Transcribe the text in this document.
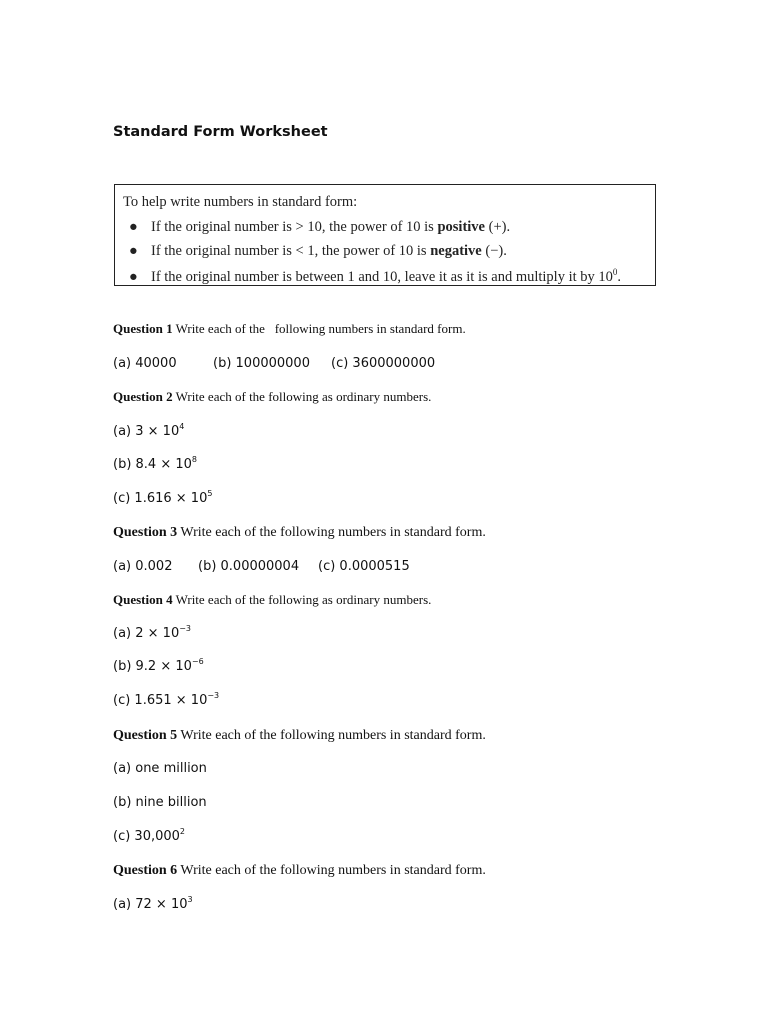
Standard Form Worksheet
To help write numbers in standard form:
● If the original number is > 10, the power of 10 is positive (+).
● If the original number is < 1, the power of 10 is negative (−).
● If the original number is between 1 and 10, leave it as it is and multiply it by $10^0$.
Question 1 Write each of the   following numbers in standard form.
(a) 40000	(b) 100000000 (c) 3600000000
Question 2 Write each of the following as ordinary numbers.
(a) $3 \times 10^4$
(b) $8.4 \times 10^8$
(c) $1.616 \times 10^5$
Question 3 Write each of the following numbers in standard form.
(a) 0.002 (b) 0.00000004 (c) 0.0000515
Question 4 Write each of the following as ordinary numbers.
(a) $2 \times 10^{-3}$
(b) $9.2 \times 10^{-6}$
(c) $1.651 \times 10^{-3}$
Question 5 Write each of the following numbers in standard form.
(a) one million
(b) nine billion
(c) 30,000$^2$
Question 6 Write each of the following numbers in standard form.
(a) $72 \times 10^3$
